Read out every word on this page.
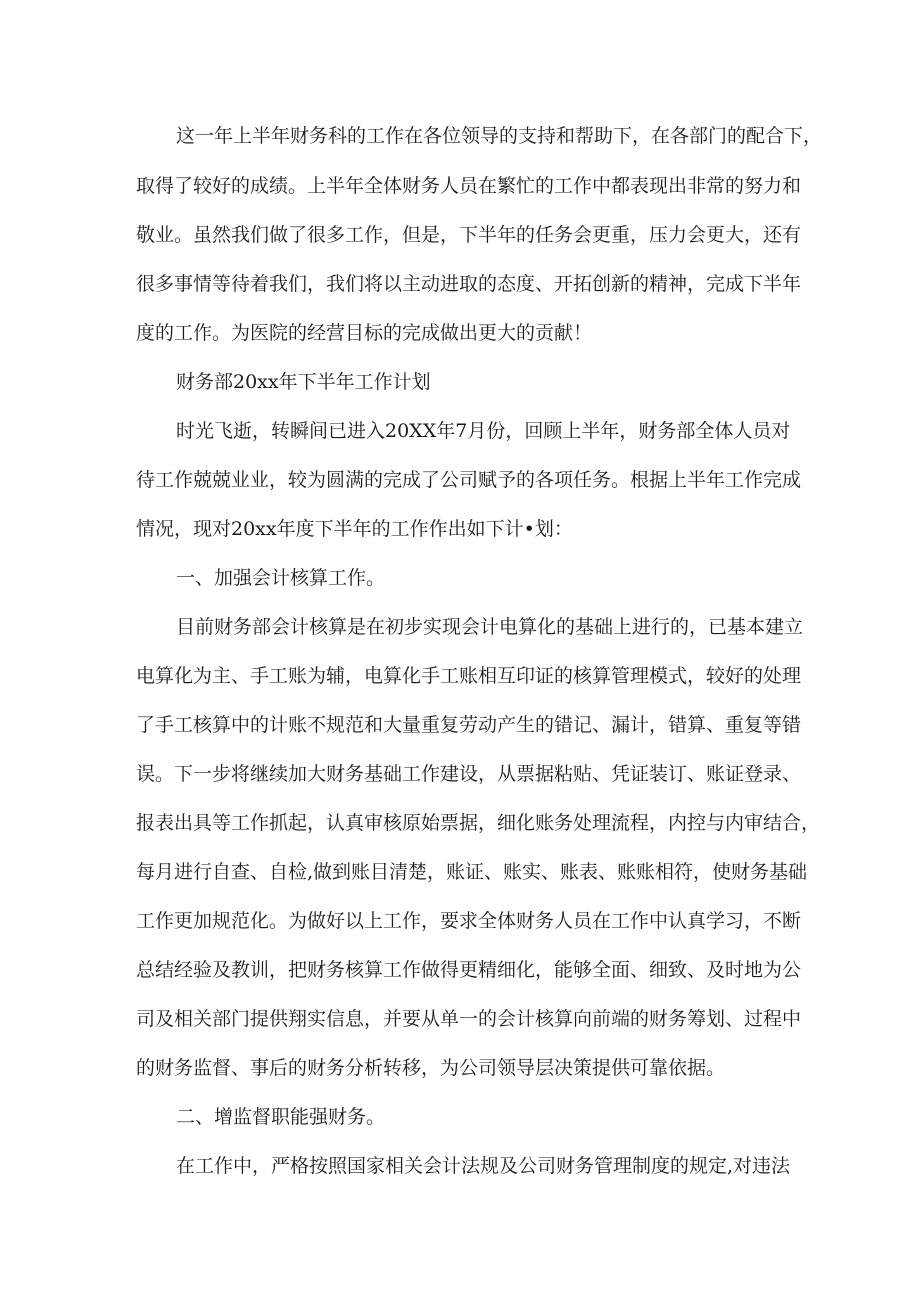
这一年上半年财务科的工作在各位领导的支持和帮助下，在各部门的配合下，
取得了较好的成绩。上半年全体财务人员在繁忙的工作中都表现出非常的努力和
敬业。虽然我们做了很多工作，但是，下半年的任务会更重，压力会更大，还有
很多事情等待着我们，我们将以主动进取的态度、开拓创新的精神，完成下半年
度的工作。为医院的经营目标的完成做出更大的贡献！
财务部20xx年下半年工作计划
时光飞逝，转瞬间已进入20XX年7月份，回顾上半年，财务部全体人员对
待工作兢兢业业，较为圆满的完成了公司赋予的各项任务。根据上半年工作完成
情况，现对20xx年度下半年的工作作出如下计•划：
一、加强会计核算工作。
目前财务部会计核算是在初步实现会计电算化的基础上进行的，已基本建立
电算化为主、手工账为辅，电算化手工账相互印证的核算管理模式，较好的处理
了手工核算中的计账不规范和大量重复劳动产生的错记、漏计，错算、重复等错
误。下一步将继续加大财务基础工作建设，从票据粘贴、凭证装订、账证登录、
报表出具等工作抓起，认真审核原始票据，细化账务处理流程，内控与内审结合，
每月进行自查、自检,做到账目清楚，账证、账实、账表、账账相符，使财务基础
工作更加规范化。为做好以上工作，要求全体财务人员在工作中认真学习，不断
总结经验及教训，把财务核算工作做得更精细化，能够全面、细致、及时地为公
司及相关部门提供翔实信息，并要从单一的会计核算向前端的财务筹划、过程中
的财务监督、事后的财务分析转移，为公司领导层决策提供可靠依据。
二、增监督职能强财务。
在工作中，严格按照国家相关会计法规及公司财务管理制度的规定,对违法
